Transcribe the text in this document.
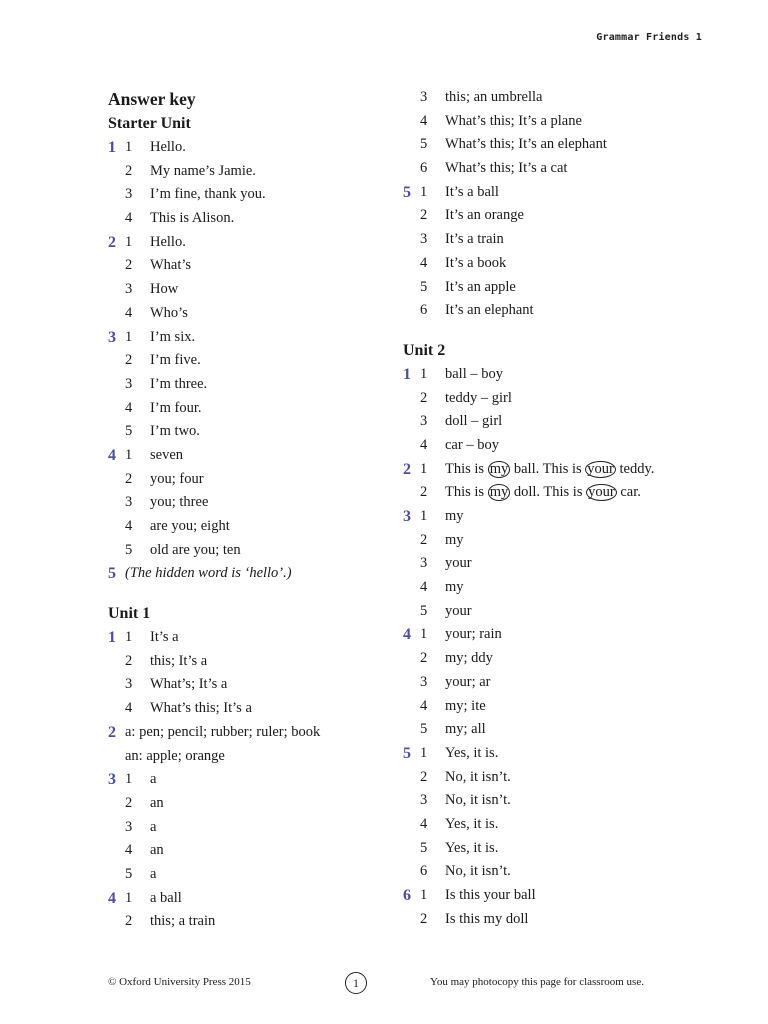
Grammar Friends 1
Answer key
Starter Unit
1 1	Hello.
2	My name’s Jamie.
3	I’m fine, thank you.
4	This is Alison.
2 1	Hello.
2	What’s
3	How
4	Who’s
3 1	I’m six.
2	I’m five.
3	I’m three.
4	I’m four.
5	I’m two.
4 1	seven
2	you; four
3	you; three
4	are you; eight
5	old are you; ten
5 (The hidden word is ‘hello’.)
Unit 1
1 1	It’s a
2	this; It’s a
3	What’s; It’s a
4	What’s this; It’s a
2 a: pen; pencil; rubber; ruler; book
an: apple; orange
3 1	a
2	an
3	a
4	an
5	a
4 1	a ball
2	this; a train
3	this; an umbrella
4	What’s this; It’s a plane
5	What’s this; It’s an elephant
6	What’s this; It’s a cat
5 1	It’s a ball
2	It’s an orange
3	It’s a train
4	It’s a book
5	It’s an apple
6	It’s an elephant
Unit 2
1 1	ball – boy
2	teddy – girl
3	doll – girl
4	car – boy
2 1	This is my ball. This is your teddy.
2	This is my doll. This is your car.
3 1	my
2	my
3	your
4	my
5	your
4 1	your; rain
2	my; ddy
3	your; ar
4	my; ite
5	my; all
5 1	Yes, it is.
2	No, it isn’t.
3	No, it isn’t.
4	Yes, it is.
5	Yes, it is.
6	No, it isn’t.
6 1	Is this your ball
2	Is this my doll
© Oxford University Press 2015	1	You may photocopy this page for classroom use.
